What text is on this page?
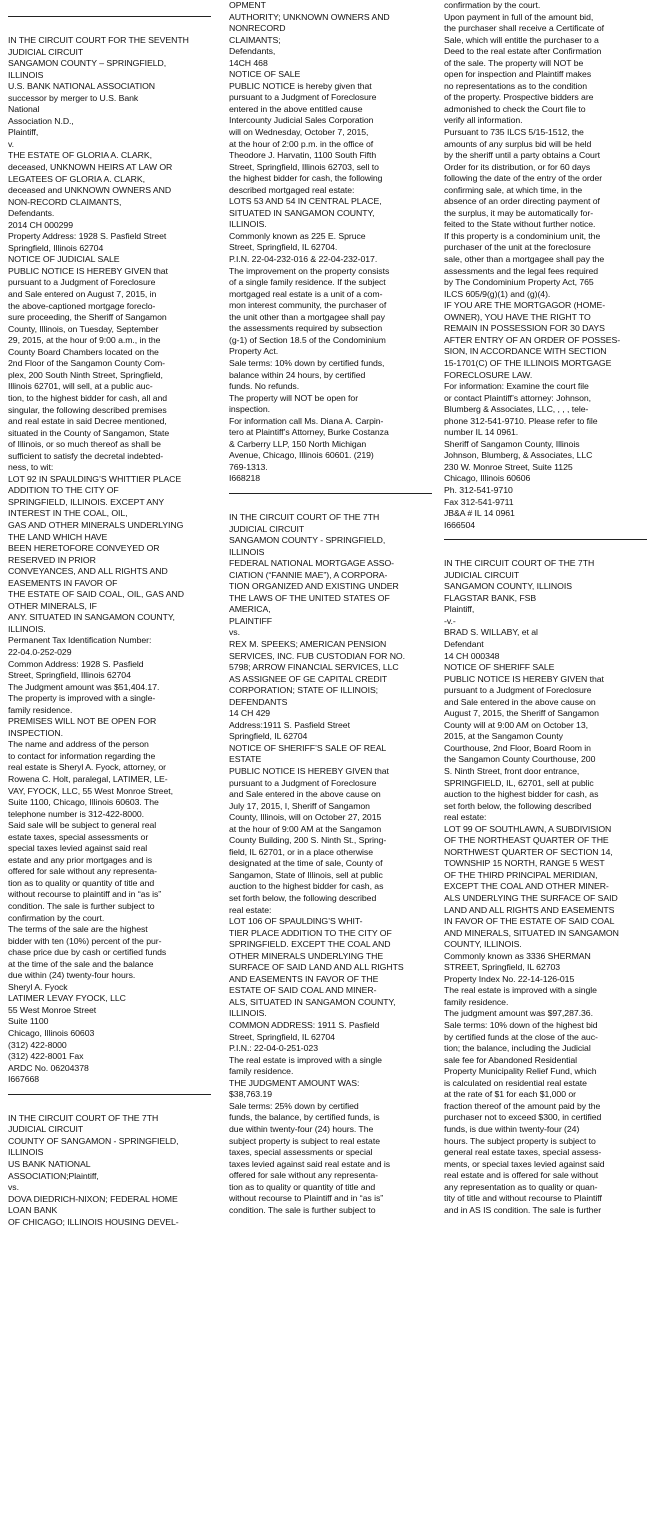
IN THE CIRCUIT COURT FOR THE SEVENTH
JUDICIAL CIRCUIT
SANGAMON COUNTY – SPRINGFIELD,
ILLINOIS
U.S. BANK NATIONAL ASSOCIATION
successor by merger to U.S. Bank
National
Association N.D.,
Plaintiff,
v.
THE ESTATE OF GLORIA A. CLARK,
deceased, UNKNOWN HEIRS AT LAW OR
LEGATEES OF GLORIA A. CLARK,
deceased and UNKNOWN OWNERS AND
NON-RECORD CLAIMANTS,
Defendants.
2014 CH 000299
Property Address: 1928 S. Pasfield Street
Springfield, Illinois 62704
NOTICE OF JUDICIAL SALE
PUBLIC NOTICE IS HEREBY GIVEN that
pursuant to a Judgment of Foreclosure
and Sale entered on August 7, 2015, in
the above-captioned mortgage foreclo-
sure proceeding, the Sheriff of Sangamon
County, Illinois, on Tuesday, September
29, 2015, at the hour of 9:00 a.m., in the
County Board Chambers located on the
2nd Floor of the Sangamon County Com-
plex, 200 South Ninth Street, Springfield,
Illinois 62701, will sell, at a public auc-
tion, to the highest bidder for cash, all and
singular, the following described premises
and real estate in said Decree mentioned,
situated in the County of Sangamon, State
of Illinois, or so much thereof as shall be
sufficient to satisfy the decretal indebted-
ness, to wit:
LOT 92 IN SPAULDING’S WHITTIER PLACE
ADDITION TO THE CITY OF
SPRINGFIELD, ILLINOIS. EXCEPT ANY
INTEREST IN THE COAL, OIL,
GAS AND OTHER MINERALS UNDERLYING
THE LAND WHICH HAVE
BEEN HERETOFORE CONVEYED OR
RESERVED IN PRIOR
CONVEYANCES, AND ALL RIGHTS AND
EASEMENTS IN FAVOR OF
THE ESTATE OF SAID COAL, OIL, GAS AND
OTHER MINERALS, IF
ANY. SITUATED IN SANGAMON COUNTY,
ILLINOIS.
Permanent Tax Identification Number:
22-04.0-252-029
Common Address: 1928 S. Pasfield
Street, Springfield, Illinois 62704
The Judgment amount was $51,404.17.
The property is improved with a single-
family residence.
PREMISES WILL NOT BE OPEN FOR
INSPECTION.
The name and address of the person
to contact for information regarding the
real estate is Sheryl A. Fyock, attorney, or
Rowena C. Holt, paralegal, LATIMER, LE-
VAY, FYOCK, LLC, 55 West Monroe Street,
Suite 1100, Chicago, Illinois 60603. The
telephone number is 312-422-8000.
Said sale will be subject to general real
estate taxes, special assessments or
special taxes levied against said real
estate and any prior mortgages and is
offered for sale without any representa-
tion as to quality or quantity of title and
without recourse to plaintiff and in “as is”
condition. The sale is further subject to
confirmation by the court.
The terms of the sale are the highest
bidder with ten (10%) percent of the pur-
chase price due by cash or certified funds
at the time of the sale and the balance
due within (24) twenty-four hours.
Sheryl A. Fyock
LATIMER LEVAY FYOCK, LLC
55 West Monroe Street
Suite 1100
Chicago, Illinois 60603
(312) 422-8000
(312) 422-8001 Fax
ARDC No. 06204378
I667668
IN THE CIRCUIT COURT OF THE 7TH
JUDICIAL CIRCUIT
COUNTY OF SANGAMON - SPRINGFIELD,
ILLINOIS
US BANK NATIONAL
ASSOCIATION;Plaintiff,
vs.
DOVA DIEDRICH-NIXON; FEDERAL HOME
LOAN BANK
OF CHICAGO; ILLINOIS HOUSING DEVEL-
OPMENT
AUTHORITY; UNKNOWN OWNERS AND
NONRECORD
CLAIMANTS;
Defendants,
14CH 468
NOTICE OF SALE
PUBLIC NOTICE is hereby given that
pursuant to a Judgment of Foreclosure
entered in the above entitled cause
Intercounty Judicial Sales Corporation
will on Wednesday, October 7, 2015,
at the hour of 2:00 p.m. in the office of
Theodore J. Harvatin, 1100 South Fifth
Street, Springfield, Illinois 62703, sell to
the highest bidder for cash, the following
described mortgaged real estate:
LOTS 53 AND 54 IN CENTRAL PLACE,
SITUATED IN SANGAMON COUNTY,
ILLINOIS.
Commonly known as 225 E. Spruce
Street, Springfield, IL 62704.
P.I.N. 22-04-232-016 & 22-04-232-017.
The improvement on the property consists
of a single family residence. If the subject
mortgaged real estate is a unit of a com-
mon interest community, the purchaser of
the unit other than a mortgagee shall pay
the assessments required by subsection
(g-1) of Section 18.5 of the Condominium
Property Act.
Sale terms: 10% down by certified funds,
balance within 24 hours, by certified
funds. No refunds.
The property will NOT be open for
inspection.
For information call Ms. Diana A. Carpin-
tero at Plaintiff’s Attorney, Burke Costanza
& Carberry LLP, 150 North Michigan
Avenue, Chicago, Illinois 60601. (219)
769-1313.
I668218
IN THE CIRCUIT COURT OF THE 7TH
JUDICIAL CIRCUIT
SANGAMON COUNTY - SPRINGFIELD,
ILLINOIS
FEDERAL NATIONAL MORTGAGE ASSO-
CIATION (“FANNIE MAE”), A CORPORA-
TION ORGANIZED AND EXISTING UNDER
THE LAWS OF THE UNITED STATES OF
AMERICA,
PLAINTIFF
vs.
REX M. SPEEKS; AMERICAN PENSION
SERVICES, INC. FUB CUSTODIAN FOR NO.
5798; ARROW FINANCIAL SERVICES, LLC
AS ASSIGNEE OF GE CAPITAL CREDIT
CORPORATION; STATE OF ILLINOIS;
DEFENDANTS
14 CH 429
Address:1911 S. Pasfield Street
Springfield, IL 62704
NOTICE OF SHERIFF’S SALE OF REAL
ESTATE
PUBLIC NOTICE IS HEREBY GIVEN that
pursuant to a Judgment of Foreclosure
and Sale entered in the above cause on
July 17, 2015, I, Sheriff of Sangamon
County, Illinois, will on October 27, 2015
at the hour of 9:00 AM at the Sangamon
County Building, 200 S. Ninth St., Spring-
field, IL 62701, or in a place otherwise
designated at the time of sale, County of
Sangamon, State of Illinois, sell at public
auction to the highest bidder for cash, as
set forth below, the following described
real estate:
LOT 106 OF SPAULDING’S WHIT-
TIER PLACE ADDITION TO THE CITY OF
SPRINGFIELD. EXCEPT THE COAL AND
OTHER MINERALS UNDERLYING THE
SURFACE OF SAID LAND AND ALL RIGHTS
AND EASEMENTS IN FAVOR OF THE
ESTATE OF SAID COAL AND MINER-
ALS, SITUATED IN SANGAMON COUNTY,
ILLINOIS.
COMMON ADDRESS: 1911 S. Pasfield
Street, Springfield, IL 62704
P.I.N.: 22-04-0-251-023
The real estate is improved with a single
family residence.
THE JUDGMENT AMOUNT WAS:
$38,763.19
Sale terms: 25% down by certified
funds, the balance, by certified funds, is
due within twenty-four (24) hours. The
subject property is subject to real estate
taxes, special assessments or special
taxes levied against said real estate and is
offered for sale without any representa-
tion as to quality or quantity of title and
without recourse to Plaintiff and in “as is”
condition. The sale is further subject to
confirmation by the court.
Upon payment in full of the amount bid,
the purchaser shall receive a Certificate of
Sale, which will entitle the purchaser to a
Deed to the real estate after Confirmation
of the sale. The property will NOT be
open for inspection and Plaintiff makes
no representations as to the condition
of the property. Prospective bidders are
admonished to check the Court file to
verify all information.
Pursuant to 735 ILCS 5/15-1512, the
amounts of any surplus bid will be held
by the sheriff until a party obtains a Court
Order for its distribution, or for 60 days
following the date of the entry of the order
confirming sale, at which time, in the
absence of an order directing payment of
the surplus, it may be automatically for-
feited to the State without further notice.
If this property is a condominium unit, the
purchaser of the unit at the foreclosure
sale, other than a mortgagee shall pay the
assessments and the legal fees required
by The Condominium Property Act, 765
ILCS 605/9(g)(1) and (g)(4).
IF YOU ARE THE MORTGAGOR (HOME-
OWNER), YOU HAVE THE RIGHT TO
REMAIN IN POSSESSION FOR 30 DAYS
AFTER ENTRY OF AN ORDER OF POSSES-
SION, IN ACCORDANCE WITH SECTION
15-1701(C) OF THE ILLINOIS MORTGAGE
FORECLOSURE LAW.
For information: Examine the court file
or contact Plaintiff’s attorney: Johnson,
Blumberg & Associates, LLC, , , , tele-
phone 312-541-9710. Please refer to file
number IL 14 0961.
Sheriff of Sangamon County, Illinois
Johnson, Blumberg, & Associates, LLC
230 W. Monroe Street, Suite 1125
Chicago, Illinois 60606
Ph. 312-541-9710
Fax 312-541-9711
JB&A # IL 14 0961
I666504
IN THE CIRCUIT COURT OF THE 7TH
JUDICIAL CIRCUIT
SANGAMON COUNTY, ILLINOIS
FLAGSTAR BANK, FSB
Plaintiff,
-v.-
BRAD S. WILLABY, et al
Defendant
14 CH 000348
NOTICE OF SHERIFF SALE
PUBLIC NOTICE IS HEREBY GIVEN that
pursuant to a Judgment of Foreclosure
and Sale entered in the above cause on
August 7, 2015, the Sheriff of Sangamon
County will at 9:00 AM on October 13,
2015, at the Sangamon County
Courthouse, 2nd Floor, Board Room in
the Sangamon County Courthouse, 200
S. Ninth Street, front door entrance,
SPRINGFIELD, IL, 62701, sell at public
auction to the highest bidder for cash, as
set forth below, the following described
real estate:
LOT 99 OF SOUTHLAWN, A SUBDIVISION
OF THE NORTHEAST QUARTER OF THE
NORTHWEST QUARTER OF SECTION 14,
TOWNSHIP 15 NORTH, RANGE 5 WEST
OF THE THIRD PRINCIPAL MERIDIAN,
EXCEPT THE COAL AND OTHER MINER-
ALS UNDERLYING THE SURFACE OF SAID
LAND AND ALL RIGHTS AND EASEMENTS
IN FAVOR OF THE ESTATE OF SAID COAL
AND MINERALS, SITUATED IN SANGAMON
COUNTY, ILLINOIS.
Commonly known as 3336 SHERMAN
STREET, Springfield, IL 62703
Property Index No. 22-14-126-015
The real estate is improved with a single
family residence.
The judgment amount was $97,287.36.
Sale terms: 10% down of the highest bid
by certified funds at the close of the auc-
tion; the balance, including the Judicial
sale fee for Abandoned Residential
Property Municipality Relief Fund, which
is calculated on residential real estate
at the rate of $1 for each $1,000 or
fraction thereof of the amount paid by the
purchaser not to exceed $300, in certified
funds, is due within twenty-four (24)
hours. The subject property is subject to
general real estate taxes, special assess-
ments, or special taxes levied against said
real estate and is offered for sale without
any representation as to quality or quan-
tity of title and without recourse to Plaintiff
and in AS IS condition. The sale is further
